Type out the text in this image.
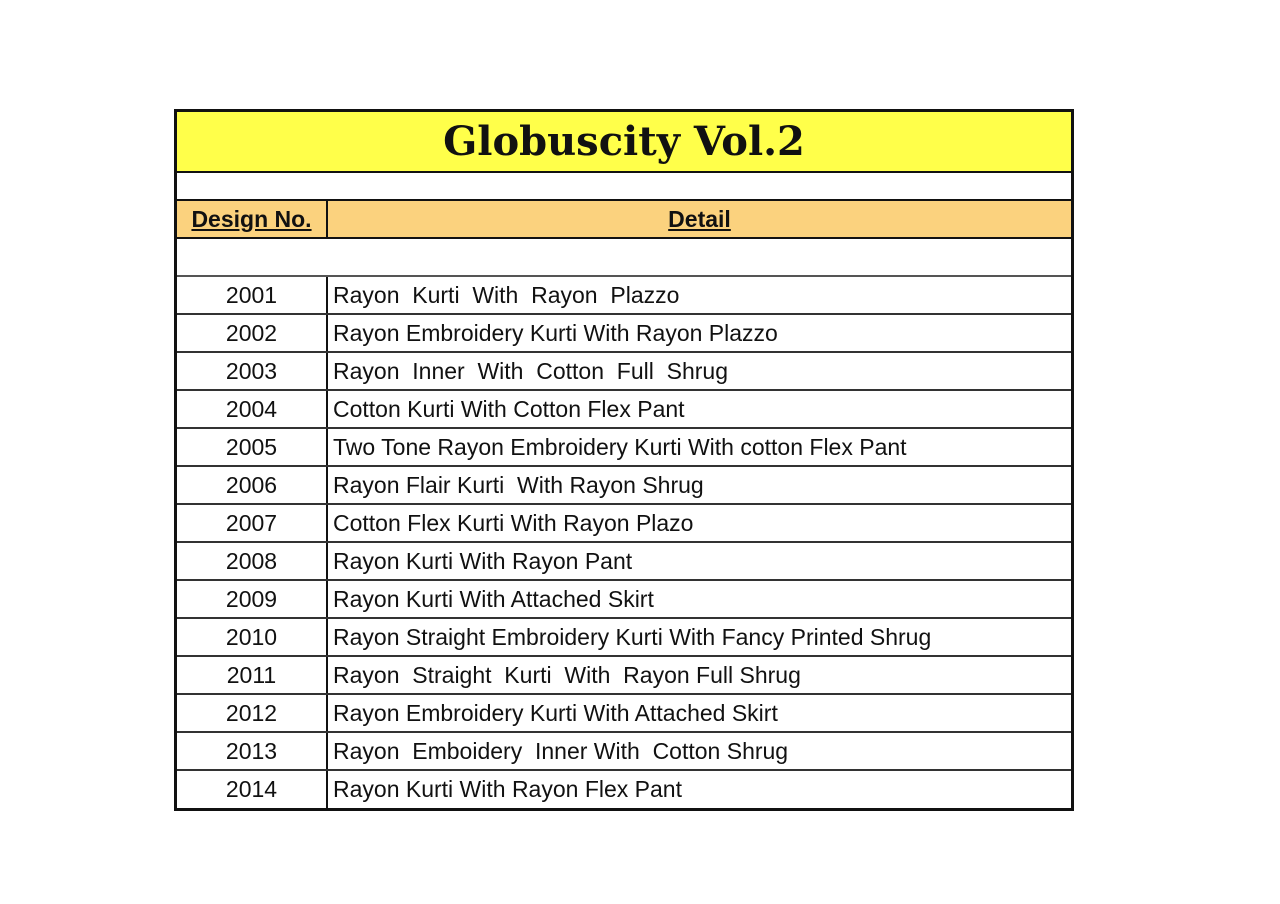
Globuscity Vol.2
Design No.	Detail
2001	Rayon  Kurti  With  Rayon  Plazzo
2002	Rayon Embroidery Kurti With Rayon Plazzo
2003	Rayon  Inner  With  Cotton  Full  Shrug
2004	Cotton Kurti With Cotton Flex Pant
2005	Two Tone Rayon Embroidery Kurti With cotton Flex Pant
2006	Rayon Flair Kurti  With Rayon Shrug
2007	Cotton Flex Kurti With Rayon Plazo
2008	Rayon Kurti With Rayon Pant
2009	Rayon Kurti With Attached Skirt
2010	Rayon Straight Embroidery Kurti With Fancy Printed Shrug
2011	Rayon  Straight  Kurti  With  Rayon Full Shrug
2012	Rayon Embroidery Kurti With Attached Skirt
2013	Rayon  Emboidery  Inner With  Cotton Shrug
2014	Rayon Kurti With Rayon Flex Pant
